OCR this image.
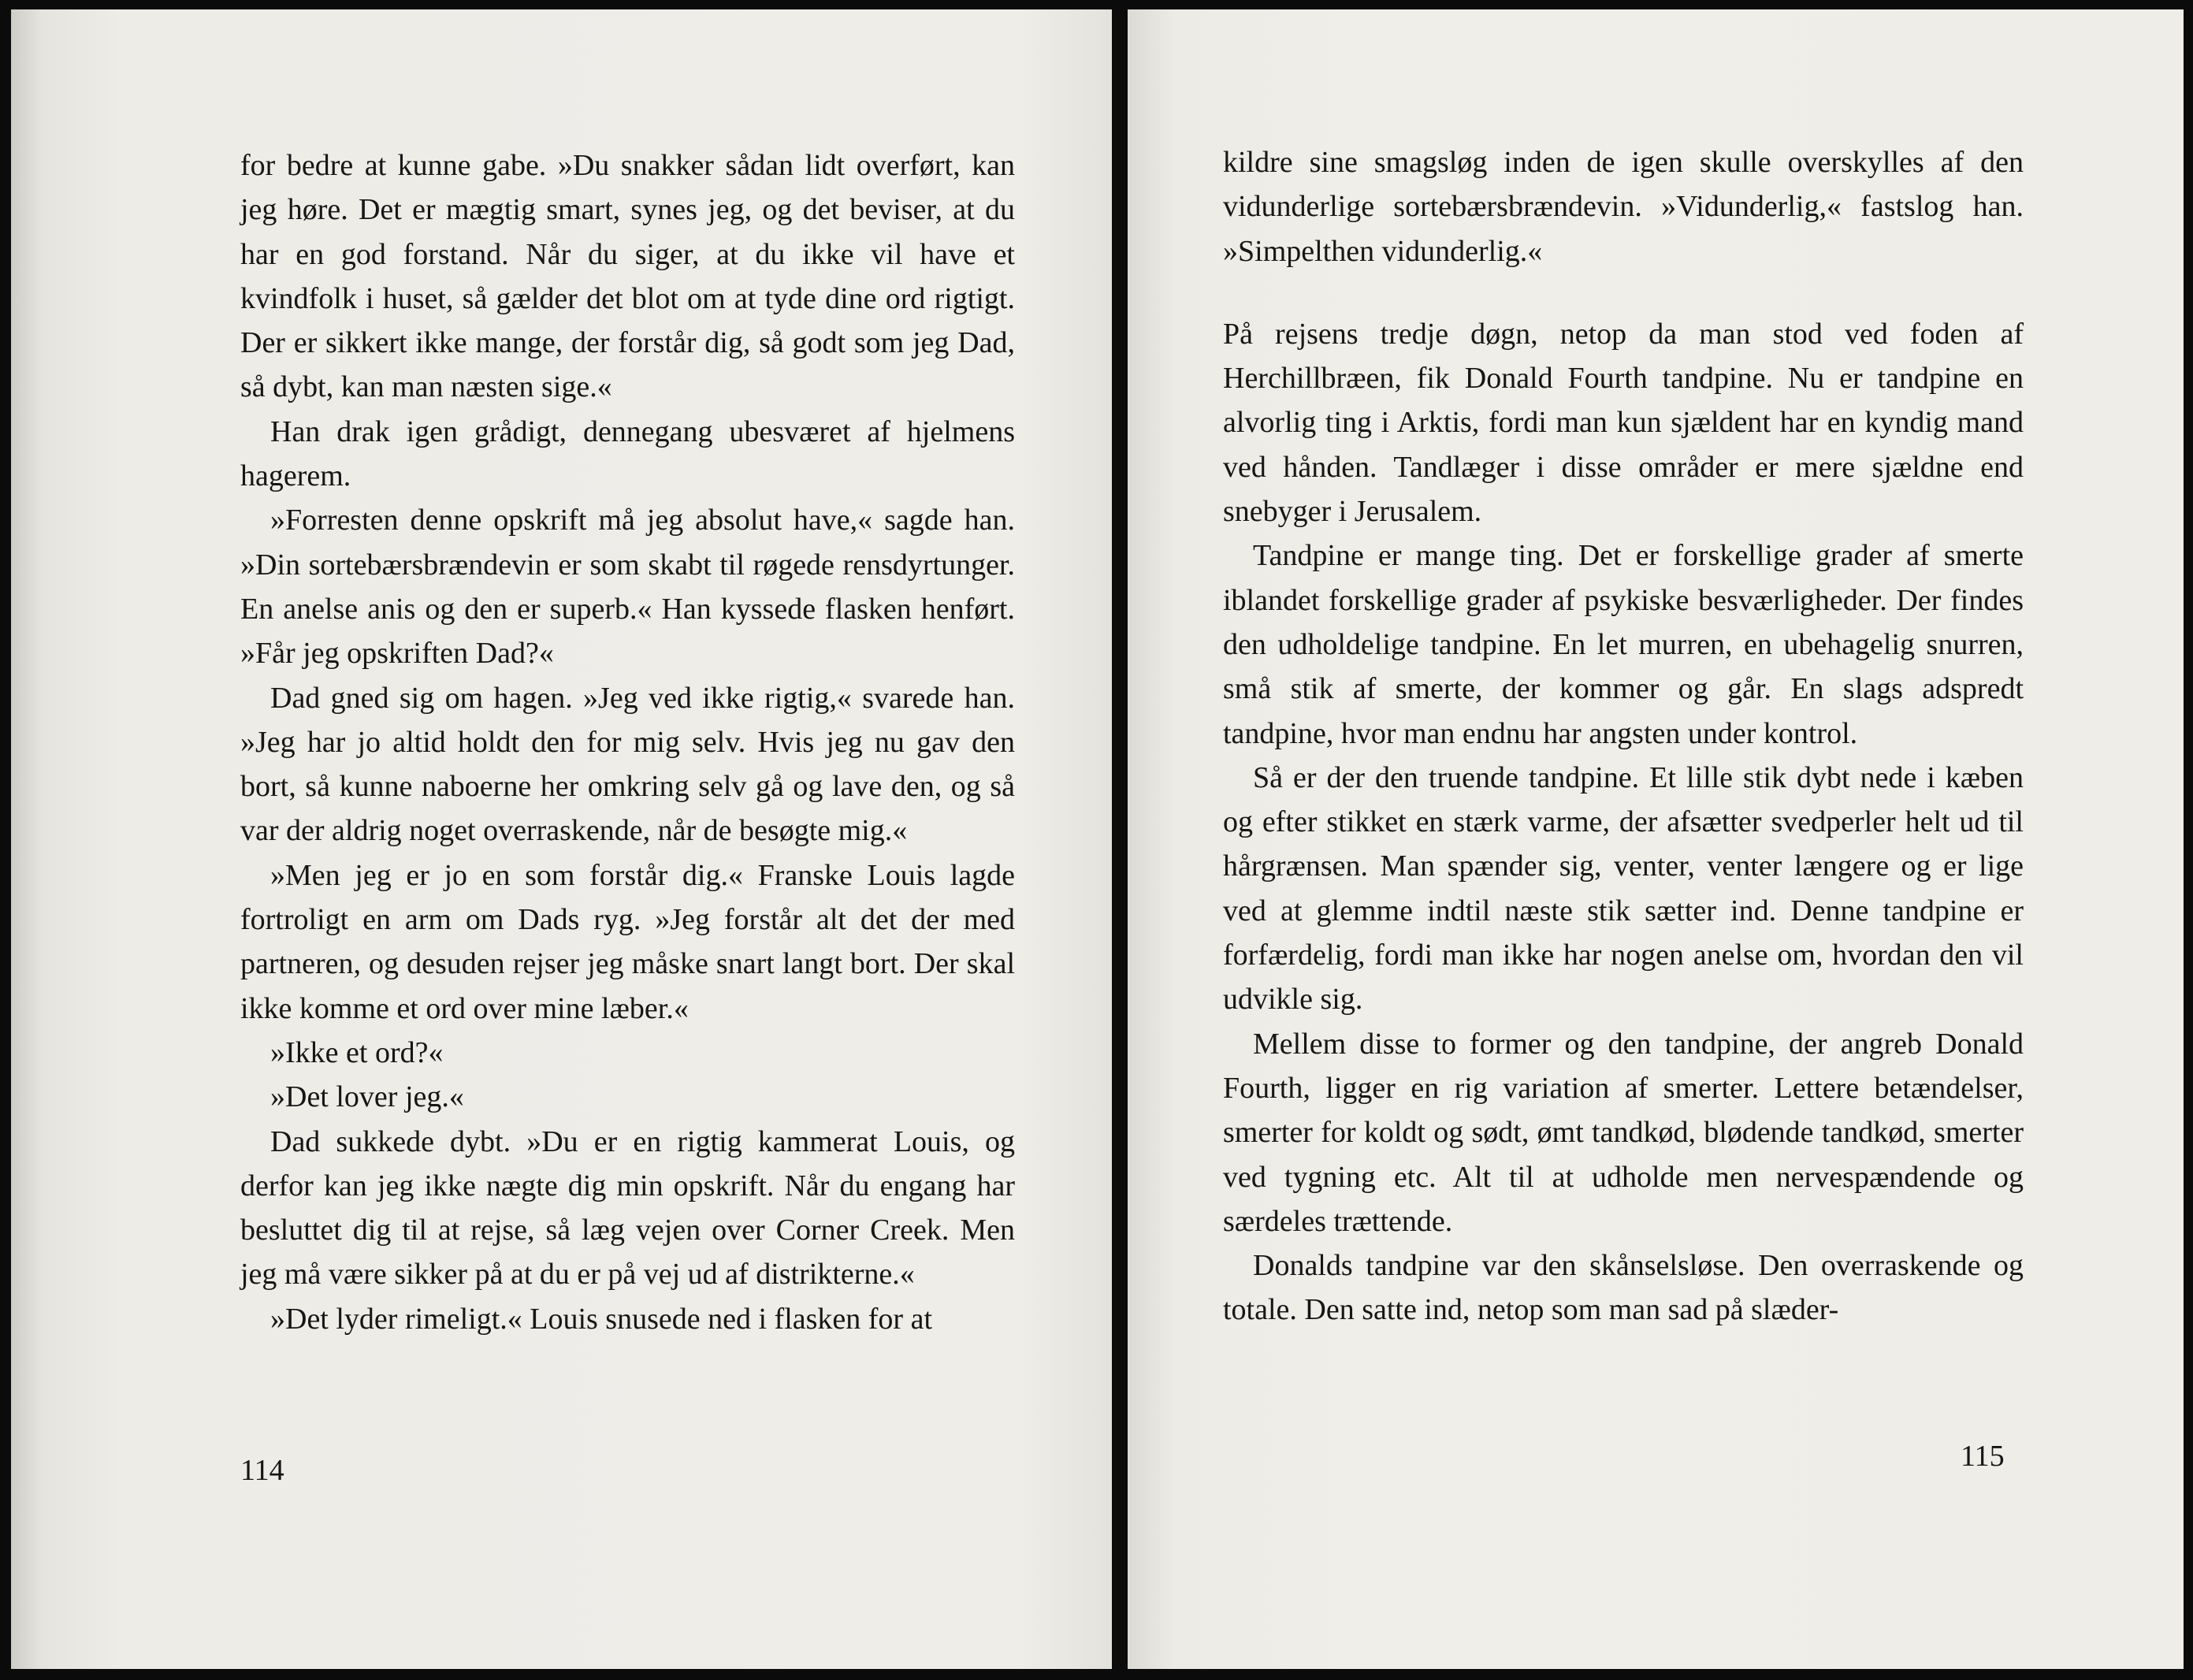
for bedre at kunne gabe. »Du snakker sådan lidt overført, kan jeg høre. Det er mægtig smart, synes jeg, og det beviser, at du har en god forstand. Når du siger, at du ikke vil have et kvindfolk i huset, så gælder det blot om at tyde dine ord rigtigt. Der er sikkert ikke mange, der forstår dig, så godt som jeg Dad, så dybt, kan man næsten sige.«

Han drak igen grådigt, dennegang ubesværet af hjelmens hagerem.

»Forresten denne opskrift må jeg absolut have,« sagde han. »Din sortebærsbrændevin er som skabt til røgede rensdyrtunger. En anelse anis og den er superb.« Han kyssede flasken henført. »Får jeg opskriften Dad?«

Dad gned sig om hagen. »Jeg ved ikke rigtig,« svarede han. »Jeg har jo altid holdt den for mig selv. Hvis jeg nu gav den bort, så kunne naboerne her omkring selv gå og lave den, og så var der aldrig noget overraskende, når de besøgte mig.«

»Men jeg er jo en som forstår dig.« Franske Louis lagde fortroligt en arm om Dads ryg. »Jeg forstår alt det der med partneren, og desuden rejser jeg måske snart langt bort. Der skal ikke komme et ord over mine læber.«

»Ikke et ord?«

»Det lover jeg.«

Dad sukkede dybt. »Du er en rigtig kammerat Louis, og derfor kan jeg ikke nægte dig min opskrift. Når du engang har besluttet dig til at rejse, så læg vejen over Corner Creek. Men jeg må være sikker på at du er på vej ud af distrikterne.«

»Det lyder rimeligt.« Louis snusede ned i flasken for at

114

kildre sine smagsløg inden de igen skulle overskylles af den vidunderlige sortebærsbrændevin. »Vidunderlig,« fastslog han. »Simpelthen vidunderlig.«

På rejsens tredje døgn, netop da man stod ved foden af Herchillbræen, fik Donald Fourth tandpine. Nu er tandpine en alvorlig ting i Arktis, fordi man kun sjældent har en kyndig mand ved hånden. Tandlæger i disse områder er mere sjældne end snebyger i Jerusalem.

Tandpine er mange ting. Det er forskellige grader af smerte iblandet forskellige grader af psykiske besværligheder. Der findes den udholdelige tandpine. En let murren, en ubehagelig snurren, små stik af smerte, der kommer og går. En slags adspredt tandpine, hvor man endnu har angsten under kontrol.

Så er der den truende tandpine. Et lille stik dybt nede i kæben og efter stikket en stærk varme, der afsætter svedperler helt ud til hårgrænsen. Man spænder sig, venter, venter længere og er lige ved at glemme indtil næste stik sætter ind. Denne tandpine er forfærdelig, fordi man ikke har nogen anelse om, hvordan den vil udvikle sig.

Mellem disse to former og den tandpine, der angreb Donald Fourth, ligger en rig variation af smerter. Lettere betændelser, smerter for koldt og sødt, ømt tandkød, blødende tandkød, smerter ved tygning etc. Alt til at udholde men nervespændende og særdeles trættende.

Donalds tandpine var den skånselsløse. Den overraskende og totale. Den satte ind, netop som man sad på slæder-

115
